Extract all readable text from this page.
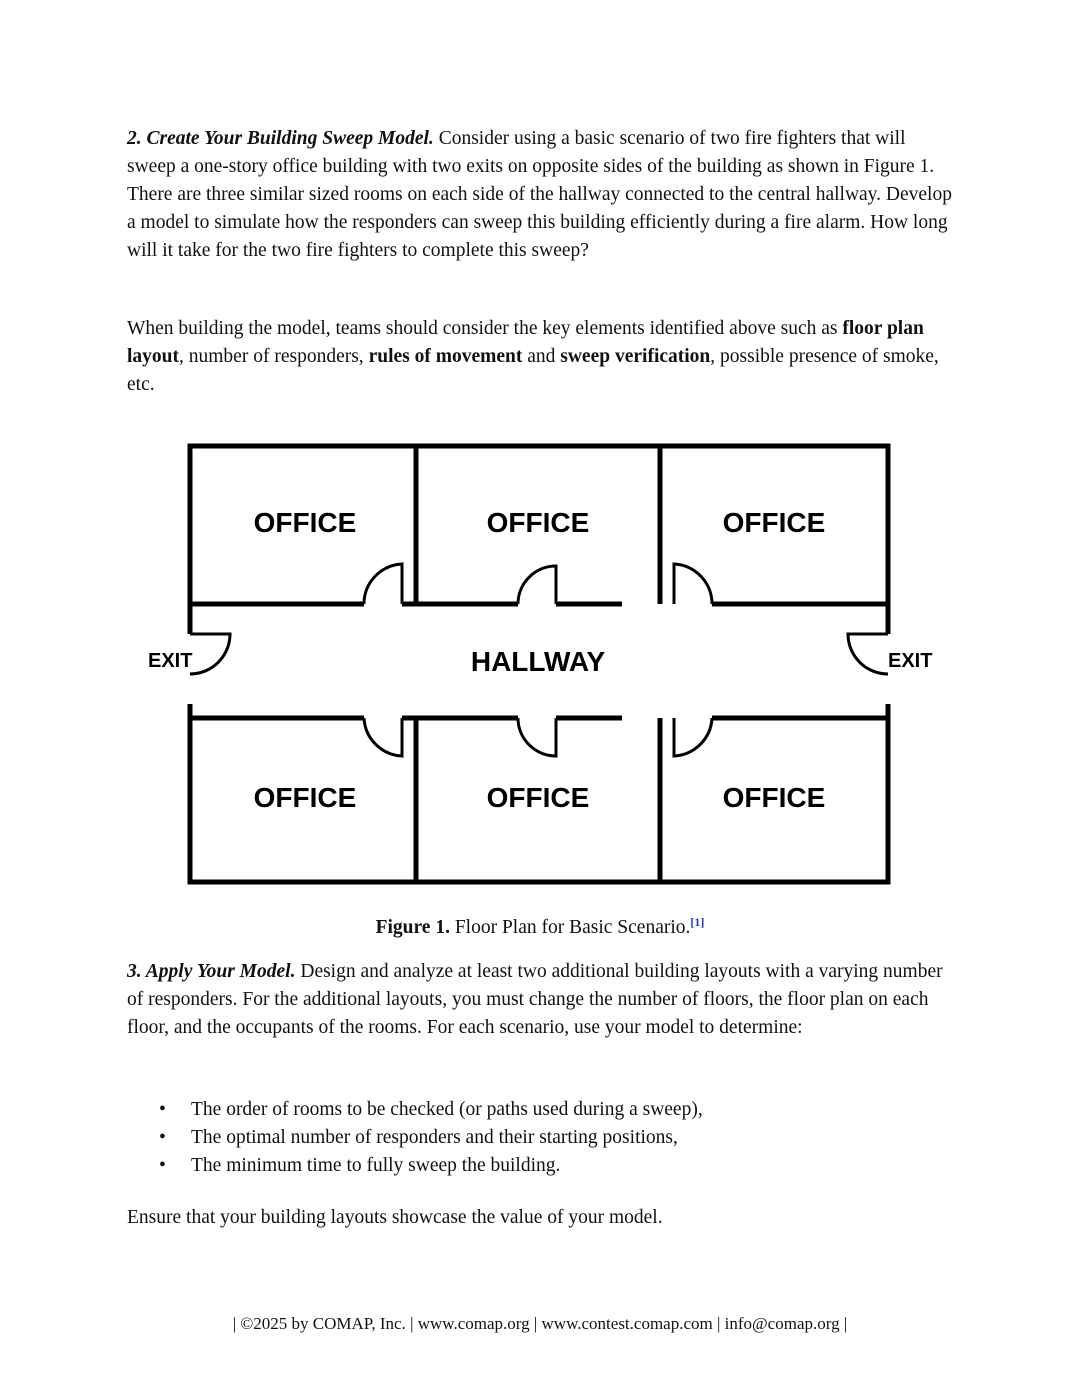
2. Create Your Building Sweep Model. Consider using a basic scenario of two fire fighters that will sweep a one-story office building with two exits on opposite sides of the building as shown in Figure 1. There are three similar sized rooms on each side of the hallway connected to the central hallway. Develop a model to simulate how the responders can sweep this building efficiently during a fire alarm. How long will it take for the two fire fighters to complete this sweep?

When building the model, teams should consider the key elements identified above such as floor plan layout, number of responders, rules of movement and sweep verification, possible presence of smoke, etc.

OFFICE	OFFICE	OFFICE
OFFICE	OFFICE	OFFICE
HALLWAY
EXIT	EXIT
Figure 1. Floor Plan for Basic Scenario.[1]

3. Apply Your Model. Design and analyze at least two additional building layouts with a varying number of responders. For the additional layouts, you must change the number of floors, the floor plan on each floor, and the occupants of the rooms. For each scenario, use your model to determine:

• The order of rooms to be checked (or paths used during a sweep),
• The optimal number of responders and their starting positions,
• The minimum time to fully sweep the building.

Ensure that your building layouts showcase the value of your model.

| ©2025 by COMAP, Inc. | www.comap.org | www.contest.comap.com | info@comap.org |
